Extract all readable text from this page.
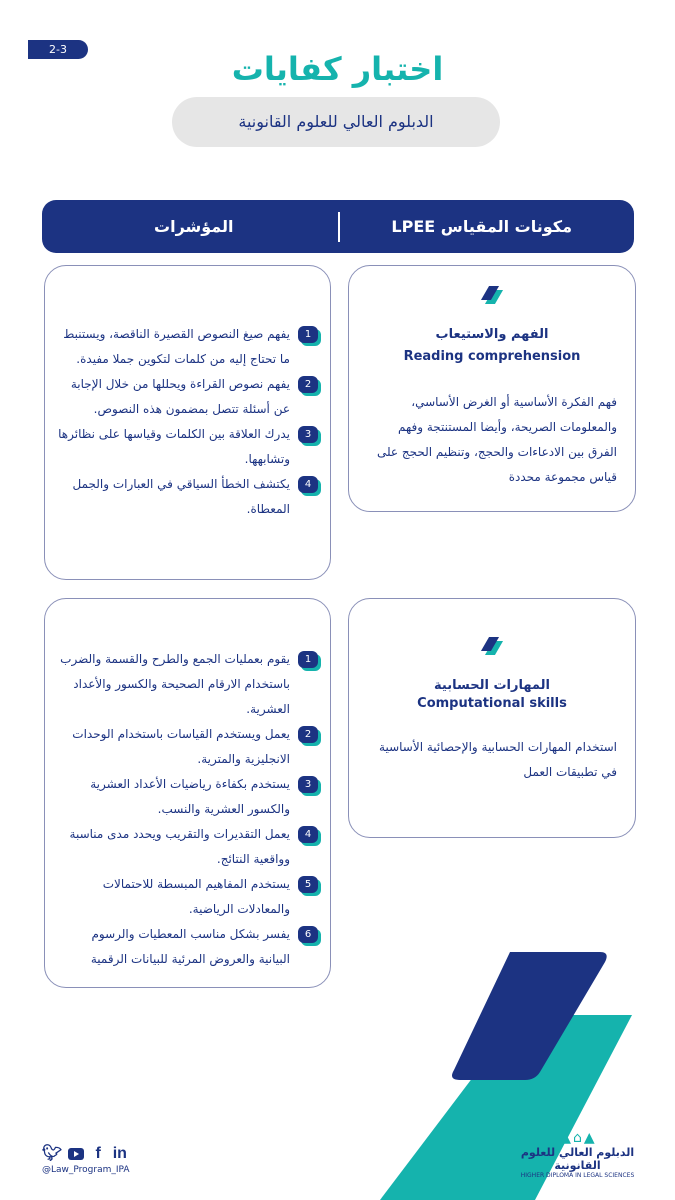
2-3
اختبار كفايات
الدبلوم العالي للعلوم القانونية
مكونات المقياس LPEE
المؤشرات
الفهم والاستيعاب
Reading comprehension
فهم الفكرة الأساسية أو الغرض الأساسي، والمعلومات الصريحة، وأيضا المستنتجة وفهم الفرق بين الادعاءات والحجج، وتنظيم الحجج على قياس مجموعة محددة
1
يفهم صيغ النصوص القصيرة الناقصة، ويستنبط ما تحتاج إليه من كلمات لتكوين جملا مفيدة.
2
يفهم نصوص القراءة ويحللها من خلال الإجابة عن أسئلة تتصل بمضمون هذه النصوص.
3
يدرك العلاقة بين الكلمات وقياسها على نظائرها وتشابهها.
4
يكتشف الخطأ السياقي في العبارات والجمل المعطاة.
المهارات الحسابية
Computational skills
استخدام المهارات الحسابية والإحصائية الأساسية في تطبيقات العمل
1
يقوم بعمليات الجمع والطرح والقسمة والضرب باستخدام الارقام الصحيحة والكسور والأعداد العشرية.
2
يعمل ويستخدم القياسات باستخدام الوحدات الانجليزية والمترية.
3
يستخدم بكفاءة رياضيات الأعداد العشرية والكسور العشرية والنسب.
4
يعمل التقديرات والتقريب ويحدد مدى مناسبة وواقعية النتائج.
5
يستخدم المفاهيم المبسطة للاحتمالات والمعادلات الرياضية.
6
يفسر بشكل مناسب المعطيات والرسوم البيانية والعروض المرئية للبيانات الرقمية
🐦︎ f in
@Law_Program_IPA
ٰ▲⌂▲
الدبلوم العالي للعلوم القانونية
HIGHER DIPLOMA IN LEGAL SCIENCES
